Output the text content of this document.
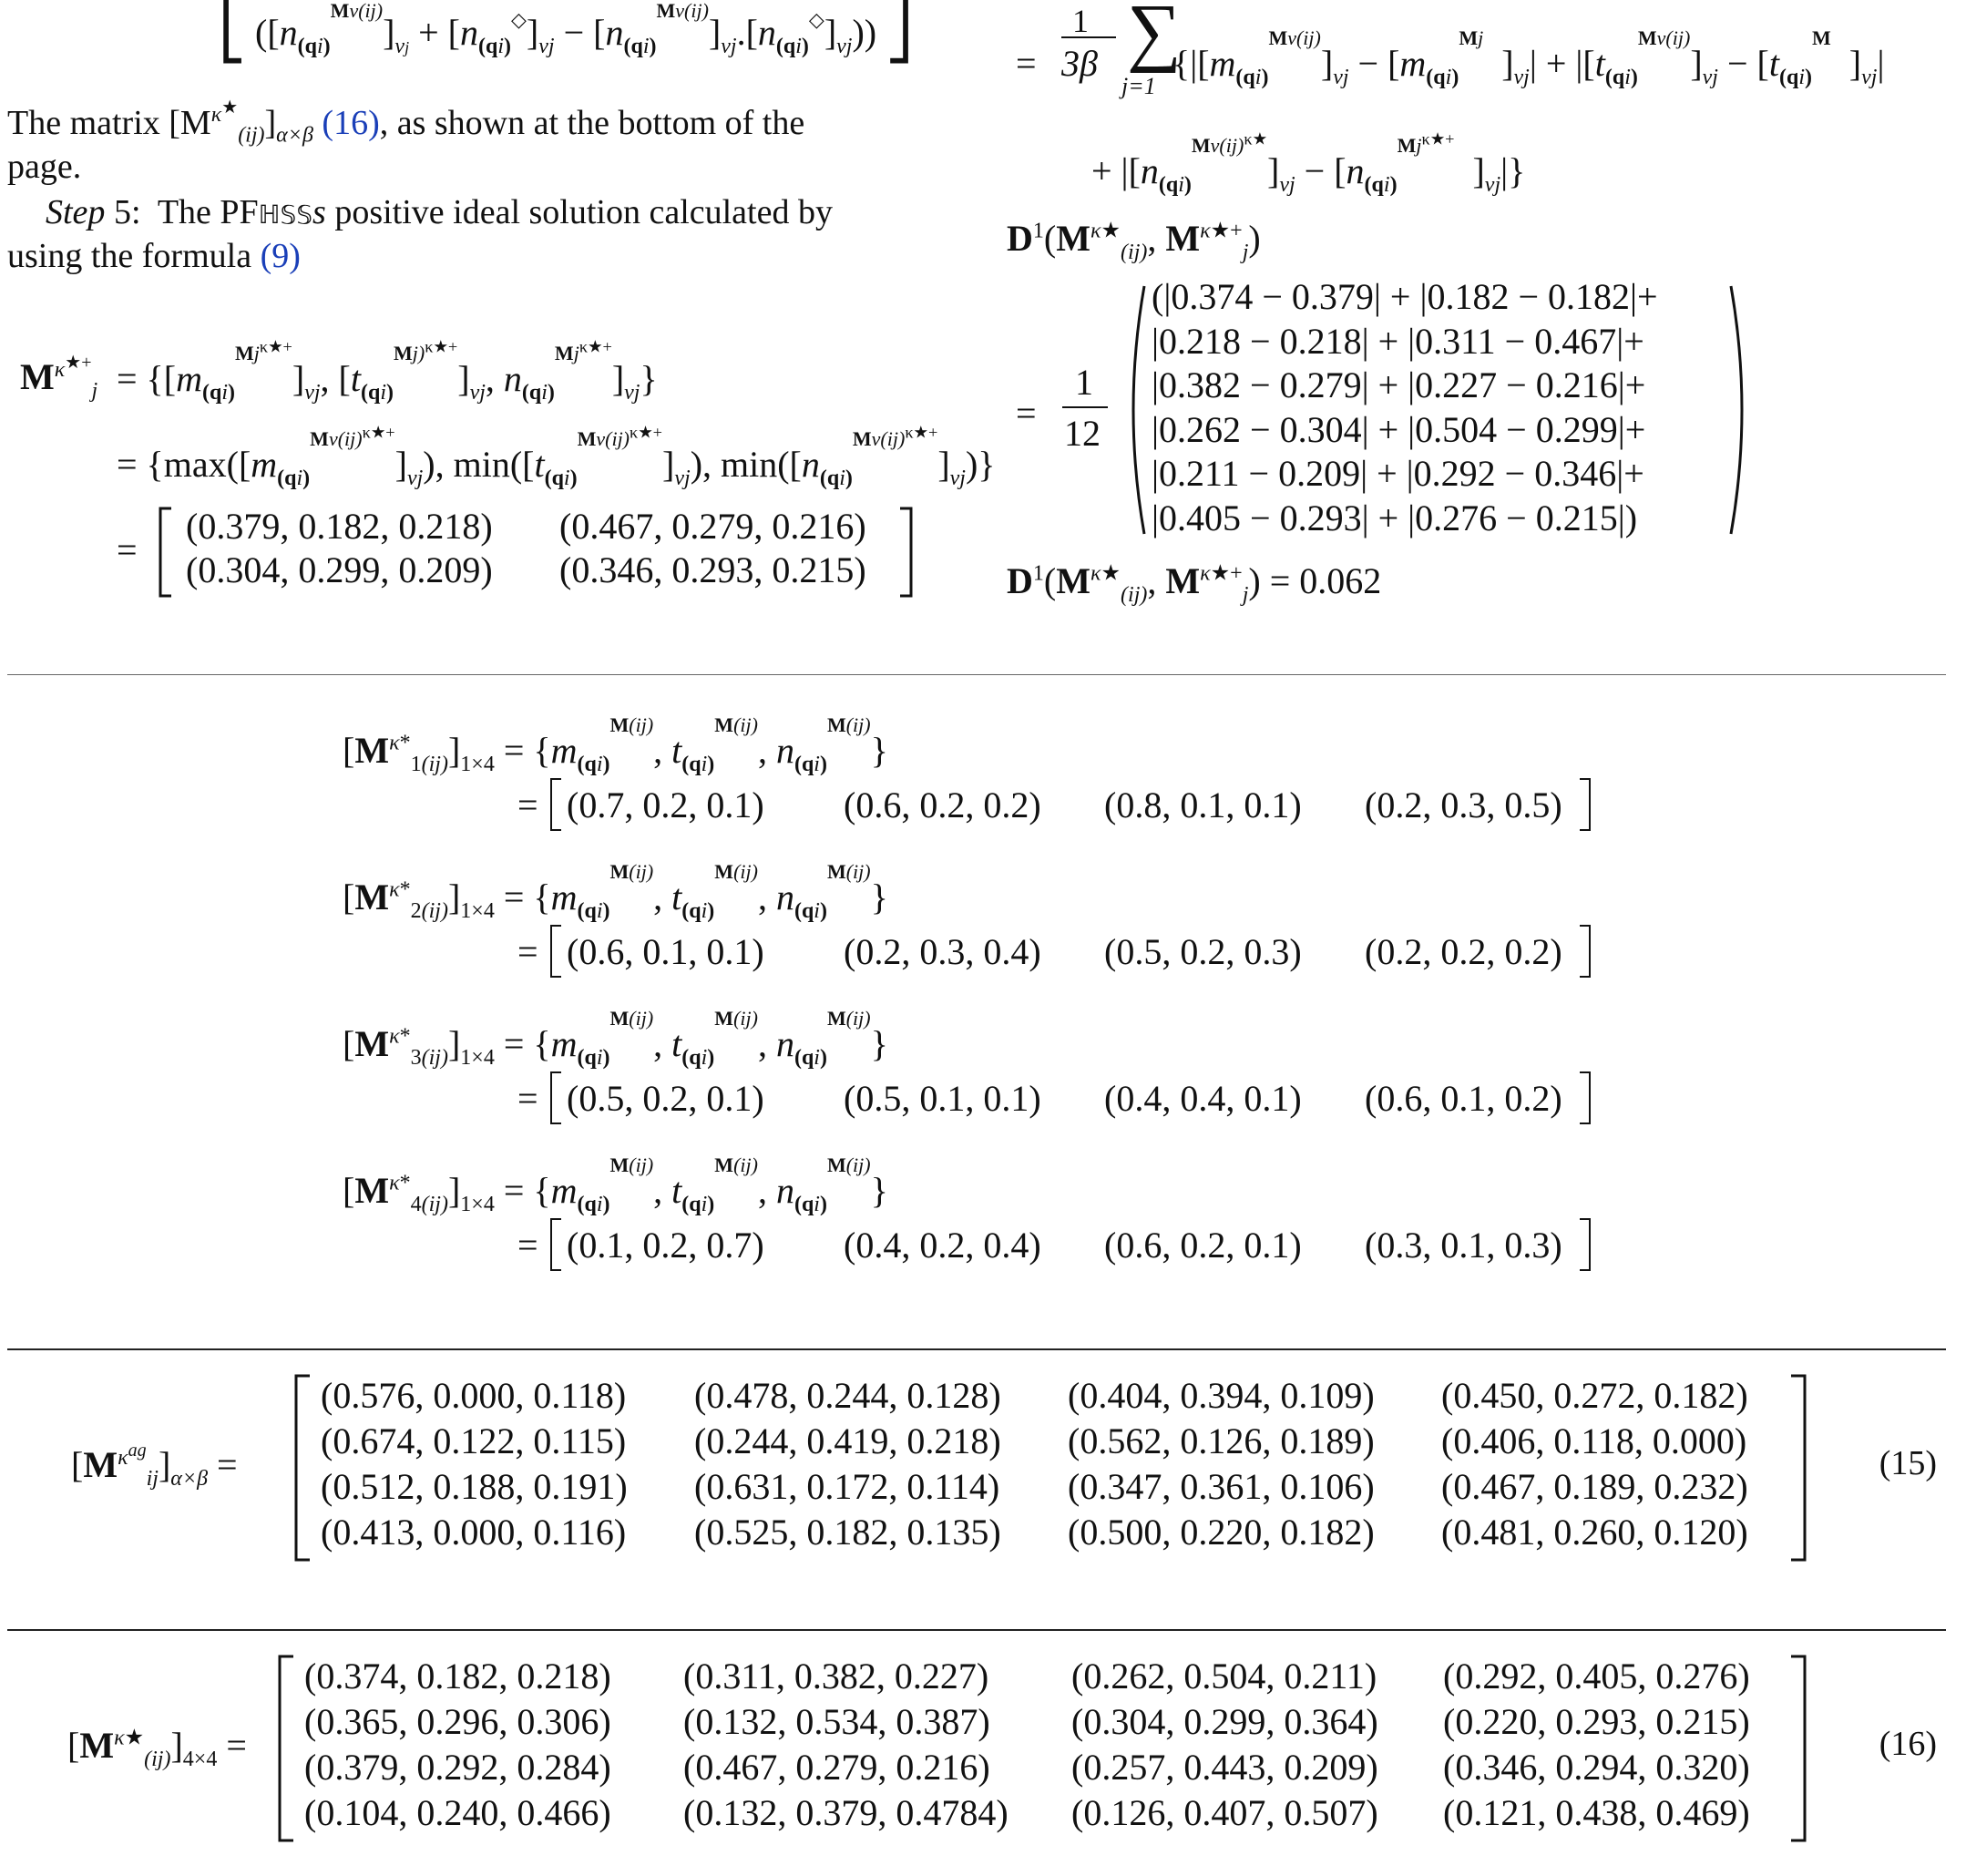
⎣ $([n_{(qi)}^{Mv(ij)}]_{vj} + [n_{(qi)}^◇]_{vj} - [n_{(qi)}^{Mv(ij)}]_{vj}.[n_{(qi)}^◇]_{vj})$) ⎦
The matrix $[M^{\kappa^★}_{(ij)}]_{\alpha\times\beta}$ (16), as shown at the bottom of the
page.
Step 5: The PFℍ𝕊𝕊s positive ideal solution calculated by
using the formula (9)
$M^{\kappa^{★+}}_j = \{[m_{(qi)}^{Mj^{\kappa★+}}]_{vj}$, $[t_{(qi)}^{Mj)^{\kappa★+}}]_{vj}$, $n_{(qi)}^{Mj^{\kappa★+}}]_{vj}$}
= {$\max([m_{(qi)}^{Mv(ij)^{\kappa★+}}]_{vj})$, $\min([t_{(qi)}^{Mv(ij)^{\kappa★+}}]_{vj})$, $\min([n_{(qi)}^{Mv(ij)^{\kappa★+}}]_{vj})$}
=
(0.379, 0.182, 0.218) (0.467, 0.279, 0.216)
(0.304, 0.299, 0.209) (0.346, 0.293, 0.215)
=
1
3β ∑
j=1
{$|[m_{(qi)}^{Mv(ij)}]_{vj} - [m_{(qi)}^{Mj}$  ]$_{vj}| + |[t_{(qi)}^{Mv(ij)}]_{vj} - [t_{(qi)}^M$  ]$_{vj}|$
+ $|[n_{(qi)}^{Mv(ij)^{\kappa★}}]_{vj} - [n_{(qi)}^{Mj^{\kappa★+}}$  ]$_{vj}|$}
$D^1(M^{\kappa★}_{(ij)}$, $M^{\kappa★+}_j$)
=
1
12
(|0.374 − 0.379| + |0.182 − 0.182|+
|0.218 − 0.218| + |0.311 − 0.467|+
|0.382 − 0.279| + |0.227 − 0.216|+
|0.262 − 0.304| + |0.504 − 0.299|+
|0.211 − 0.209| + |0.292 − 0.346|+
|0.405 − 0.293| + |0.276 − 0.215|)
$D^1(M^{\kappa★}_{(ij)}$, $M^{\kappa★+}_j) = 0.062$
$[M^{\kappa*}_{1(ij)}]_{1\times 4} = \{m_{(qi)}^{M(ij)}$, $t_{(qi)}^{M(ij)}$, $n_{(qi)}^{M(ij)}$}
= (0.7, 0.2, 0.1) (0.6, 0.2, 0.2) (0.8, 0.1, 0.1) (0.2, 0.3, 0.5)
$[M^{\kappa*}_{2(ij)}]_{1\times 4} = \{m_{(qi)}^{M(ij)}$, $t_{(qi)}^{M(ij)}$, $n_{(qi)}^{M(ij)}$}
= (0.6, 0.1, 0.1) (0.2, 0.3, 0.4) (0.5, 0.2, 0.3) (0.2, 0.2, 0.2)
$[M^{\kappa*}_{3(ij)}]_{1\times 4} = \{m_{(qi)}^{M(ij)}$, $t_{(qi)}^{M(ij)}$, $n_{(qi)}^{M(ij)}$}
= (0.5, 0.2, 0.1) (0.5, 0.1, 0.1) (0.4, 0.4, 0.1) (0.6, 0.1, 0.2)
$[M^{\kappa*}_{4(ij)}]_{1\times 4} = \{m_{(qi)}^{M(ij)}$, $t_{(qi)}^{M(ij)}$, $n_{(qi)}^{M(ij)}$}
= (0.1, 0.2, 0.7) (0.4, 0.2, 0.4) (0.6, 0.2, 0.1) (0.3, 0.1, 0.3)
$[M^{\kappa^{ag}}_{ij}]_{\alpha\times\beta}$ =
(0.576, 0.000, 0.118) (0.478, 0.244, 0.128) (0.404, 0.394, 0.109) (0.450, 0.272, 0.182)
(0.674, 0.122, 0.115) (0.244, 0.419, 0.218) (0.562, 0.126, 0.189) (0.406, 0.118, 0.000)
(0.512, 0.188, 0.191) (0.631, 0.172, 0.114) (0.347, 0.361, 0.106) (0.467, 0.189, 0.232)
(0.413, 0.000, 0.116) (0.525, 0.182, 0.135) (0.500, 0.220, 0.182) (0.481, 0.260, 0.120)
(15)
$[M^{\kappa★}_{(ij)}]_{4\times 4}$ =
(0.374, 0.182, 0.218) (0.311, 0.382, 0.227) (0.262, 0.504, 0.211) (0.292, 0.405, 0.276)
(0.365, 0.296, 0.306) (0.132, 0.534, 0.387) (0.304, 0.299, 0.364) (0.220, 0.293, 0.215)
(0.379, 0.292, 0.284) (0.467, 0.279, 0.216) (0.257, 0.443, 0.209) (0.346, 0.294, 0.320)
(0.104, 0.240, 0.466) (0.132, 0.379, 0.4784) (0.126, 0.407, 0.507) (0.121, 0.438, 0.469)
(16)
